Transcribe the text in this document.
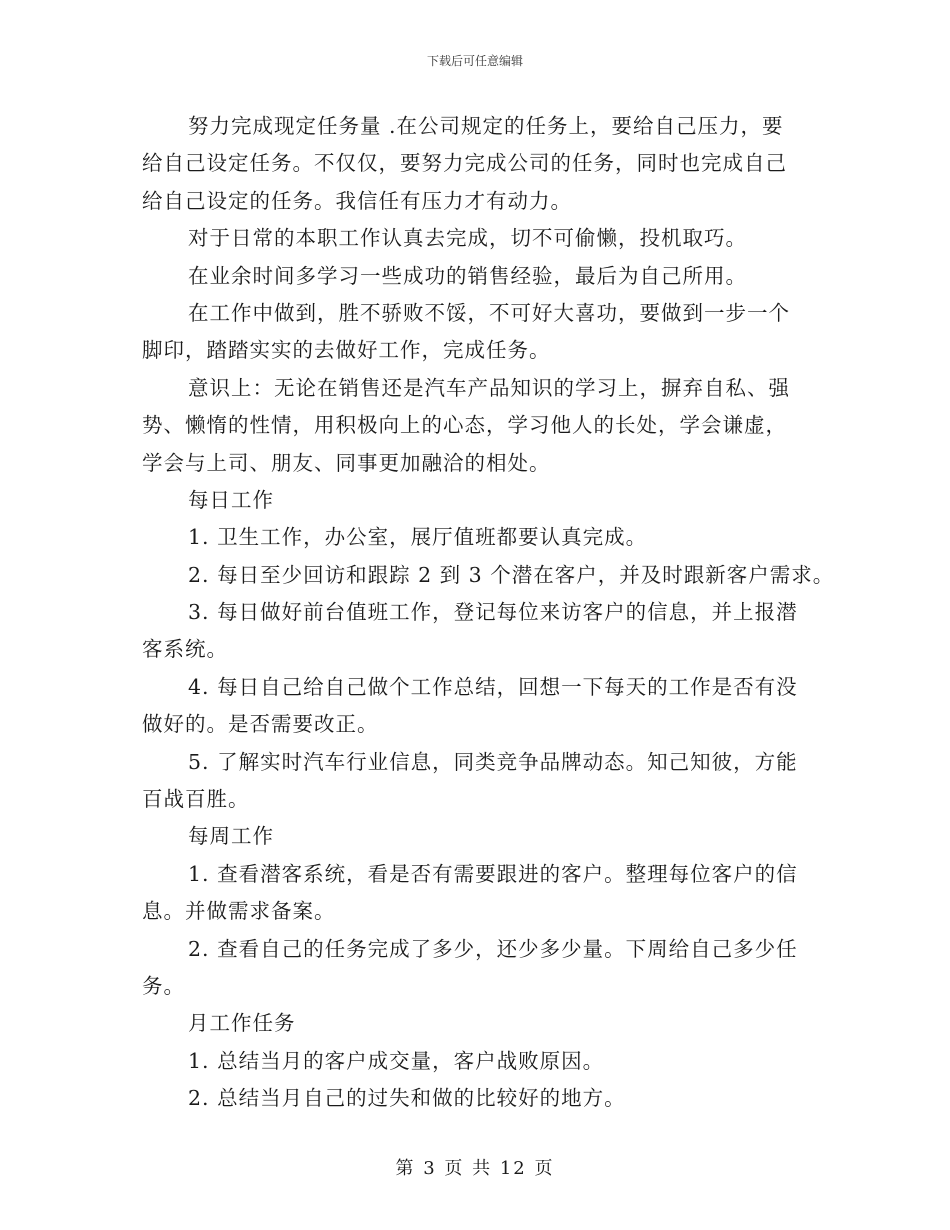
下载后可任意编辑
努力完成现定任务量 .在公司规定的任务上，要给自己压力，要
给自己设定任务。不仅仅，要努力完成公司的任务，同时也完成自己
给自己设定的任务。我信任有压力才有动力。
对于日常的本职工作认真去完成，切不可偷懒，投机取巧。
在业余时间多学习一些成功的销售经验，最后为自己所用。
在工作中做到，胜不骄败不馁，不可好大喜功，要做到一步一个
脚印，踏踏实实的去做好工作，完成任务。
意识上：无论在销售还是汽车产品知识的学习上，摒弃自私、强
势、懒惰的性情，用积极向上的心态，学习他人的长处，学会谦虚，
学会与上司、朋友、同事更加融洽的相处。
每日工作
1. 卫生工作，办公室，展厅值班都要认真完成。
2. 每日至少回访和跟踪 2 到 3 个潜在客户，并及时跟新客户需求。
3. 每日做好前台值班工作，登记每位来访客户的信息，并上报潜
客系统。
4. 每日自己给自己做个工作总结，回想一下每天的工作是否有没
做好的。是否需要改正。
5. 了解实时汽车行业信息，同类竞争品牌动态。知己知彼，方能
百战百胜。
每周工作
1. 查看潜客系统，看是否有需要跟进的客户。整理每位客户的信
息。并做需求备案。
2. 查看自己的任务完成了多少，还少多少量。下周给自己多少任
务。
月工作任务
1. 总结当月的客户成交量，客户战败原因。
2. 总结当月自己的过失和做的比较好的地方。
第 3 页 共 12 页
